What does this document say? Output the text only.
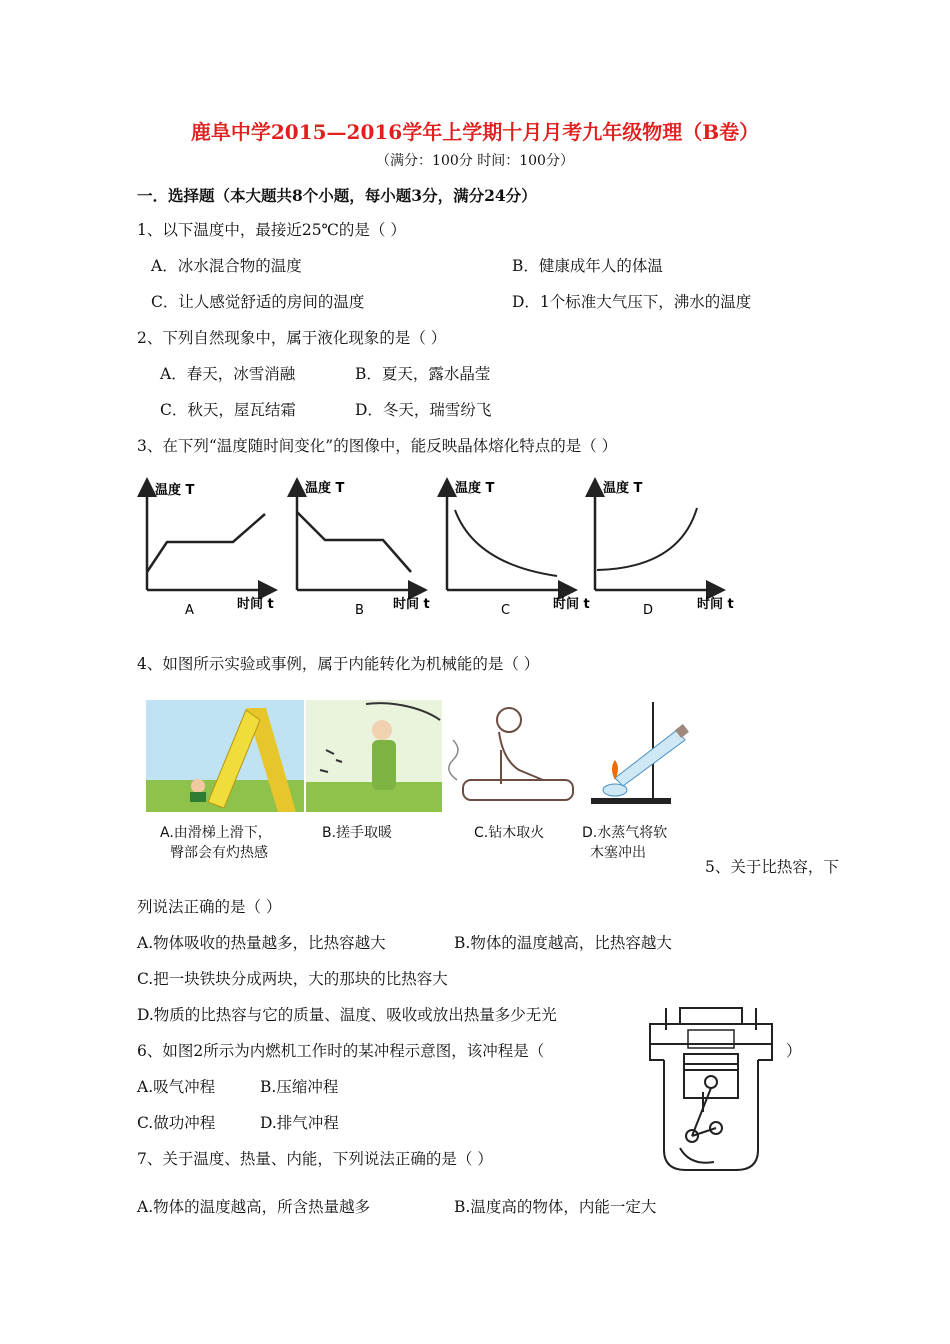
鹿阜中学2015—2016学年上学期十月月考九年级物理（B卷）
（满分：100分 时间：100分）
一．选择题（本大题共8个小题，每小题3分，满分24分）
1、以下温度中，最接近25℃的是（ ）
A．冰水混合物的温度	B．健康成年人的体温
C．让人感觉舒适的房间的温度	D．1个标准大气压下，沸水的温度
2、下列自然现象中，属于液化现象的是（ ）
A．春天，冰雪消融	B．夏天，露水晶莹
C．秋天，屋瓦结霜	D．冬天，瑞雪纷飞
3、在下列“温度随时间变化”的图像中，能反映晶体熔化特点的是（ ）
温度 T
时间 t
A
温度 T
时间 t
B
温度 T
时间 t
C
温度 T
时间 t
D
4、如图所示实验或事例，属于内能转化为机械能的是（ ）
A.由滑梯上滑下，
臀部会有灼热感
B.搓手取暖	C.钻木取火	D.水蒸气将软
木塞冲出
5、关于比热容，下
列说法正确的是（ ）
A.物体吸收的热量越多，比热容越大	B.物体的温度越高，比热容越大
C.把一块铁块分成两块，大的那块的比热容大
D.物质的比热容与它的质量、温度、吸收或放出热量多少无光
6、如图2所示为内燃机工作时的某冲程示意图，该冲程是（	）
A.吸气冲程	B.压缩冲程
C.做功冲程	D.排气冲程
7、关于温度、热量、内能，下列说法正确的是（ ）
A.物体的温度越高，所含热量越多	B.温度高的物体，内能一定大
